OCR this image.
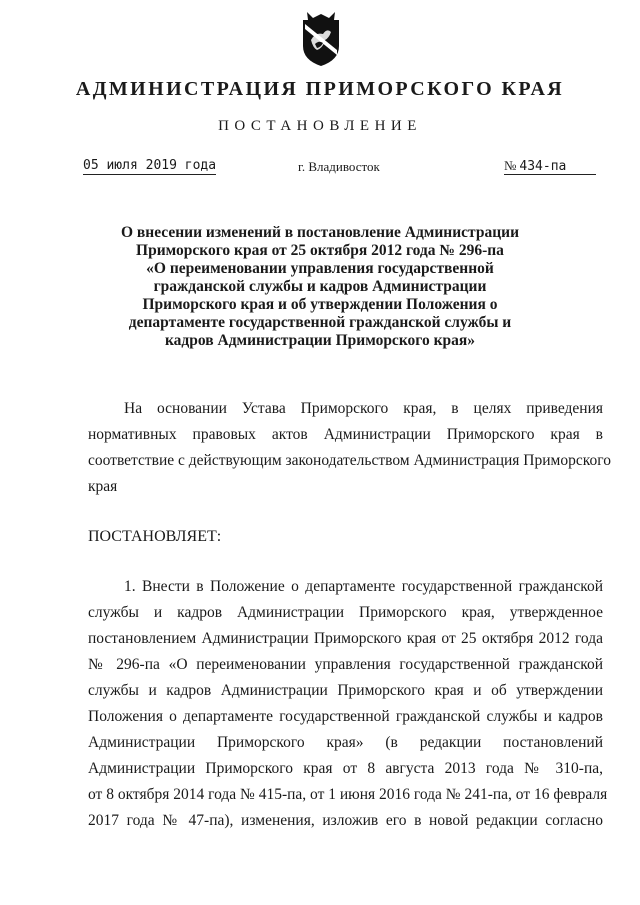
АДМИНИСТРАЦИЯ ПРИМОРСКОГО КРАЯ
ПОСТАНОВЛЕНИЕ
05 июля 2019 года	г. Владивосток	№ 434-па
О внесении изменений в постановление Администрации
Приморского края от 25 октября 2012 года № 296-па
«О переименовании управления государственной
гражданской службы и кадров Администрации
Приморского края и об утверждении Положения о
департаменте государственной гражданской службы и
кадров Администрации Приморского края»
На основании Устава Приморского края, в целях приведения
нормативных правовых актов Администрации Приморского края в
соответствие с действующим законодательством Администрация Приморского
края
ПОСТАНОВЛЯЕТ:
1. Внести в Положение о департаменте государственной гражданской
службы и кадров Администрации Приморского края, утвержденное
постановлением Администрации Приморского края от 25 октября 2012 года
№ 296-па «О переименовании управления государственной гражданской
службы и кадров Администрации Приморского края и об утверждении
Положения о департаменте государственной гражданской службы и кадров
Администрации Приморского края» (в редакции постановлений
Администрации Приморского края от 8 августа 2013 года № 310-па,
от 8 октября 2014 года № 415-па, от 1 июня 2016 года № 241-па, от 16 февраля
2017 года № 47-па), изменения, изложив его в новой редакции согласно
